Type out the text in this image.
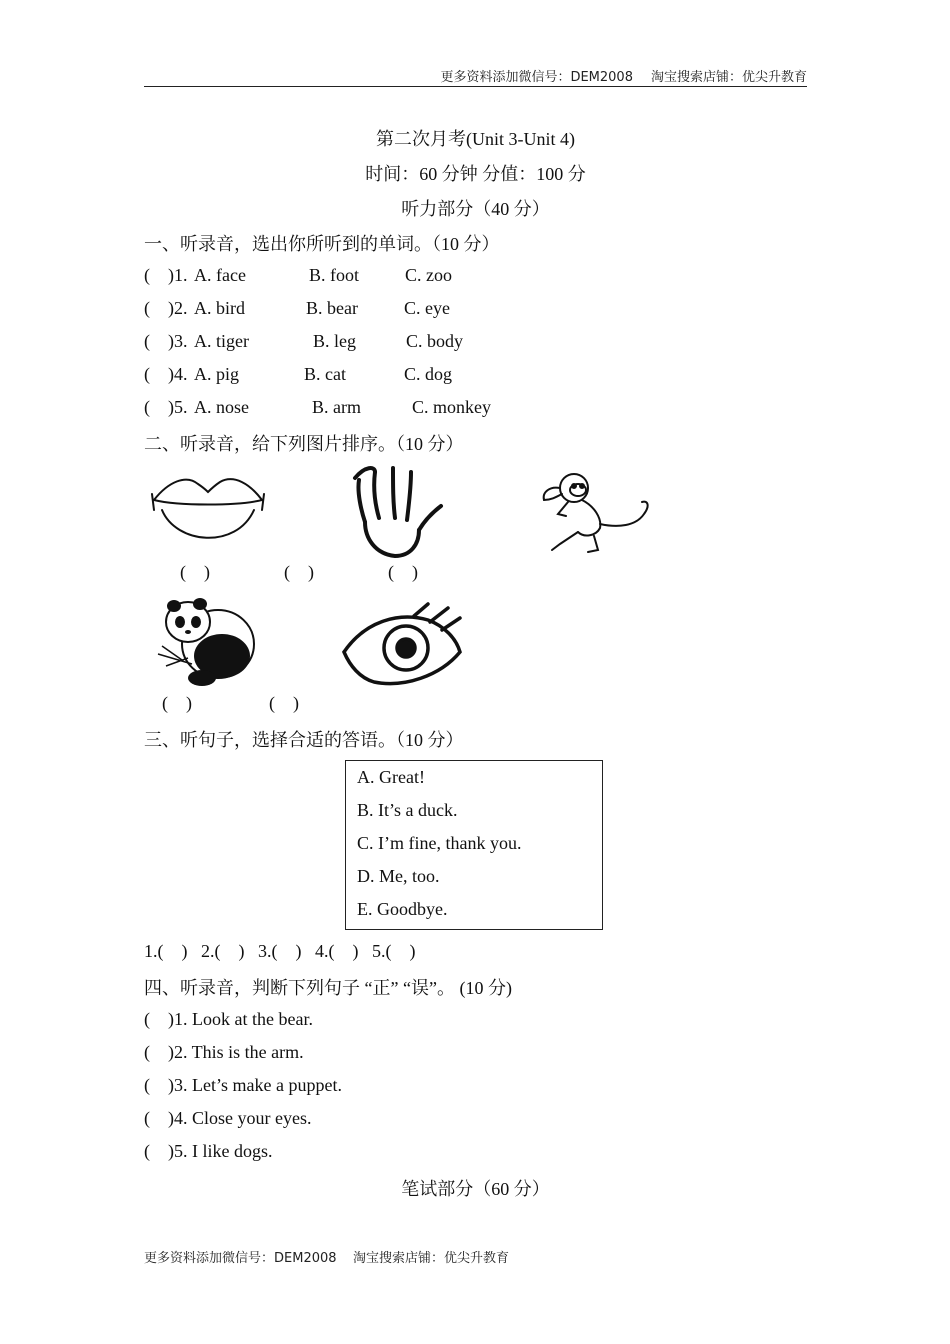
更多资料添加微信号：DEM2008 淘宝搜索店铺：优尖升教育
第二次月考(Unit 3-Unit 4)
时间：60 分钟 分值：100 分
听力部分（40 分）
一、听录音，选出你所听到的单词。（10 分）
(    )1. A. face	B. foot	C. zoo
(    )2. A. bird	B. bear	C. eye
(    )3. A. tiger	B. leg	C. body
(    )4. A. pig	B. cat	C. dog
(    )5. A. nose	B. arm	C. monkey
二、听录音，给下列图片排序。（10 分）
(    )	(    )	(    )
(    )	(    )
三、听句子，选择合适的答语。（10 分）
A. Great!
B. It’s a duck.
C. I’m fine, thank you.
D. Me, too.
E. Goodbye.
1.(    )   2.(    )   3.(    )   4.(    )   5.(    )
四、听录音，判断下列句子 “正” “误”。 (10 分)
(    )1. Look at the bear.
(    )2. This is the arm.
(    )3. Let’s make a puppet.
(    )4. Close your eyes.
(    )5. I like dogs.
笔试部分（60 分）
更多资料添加微信号：DEM2008    淘宝搜索店铺：优尖升教育
